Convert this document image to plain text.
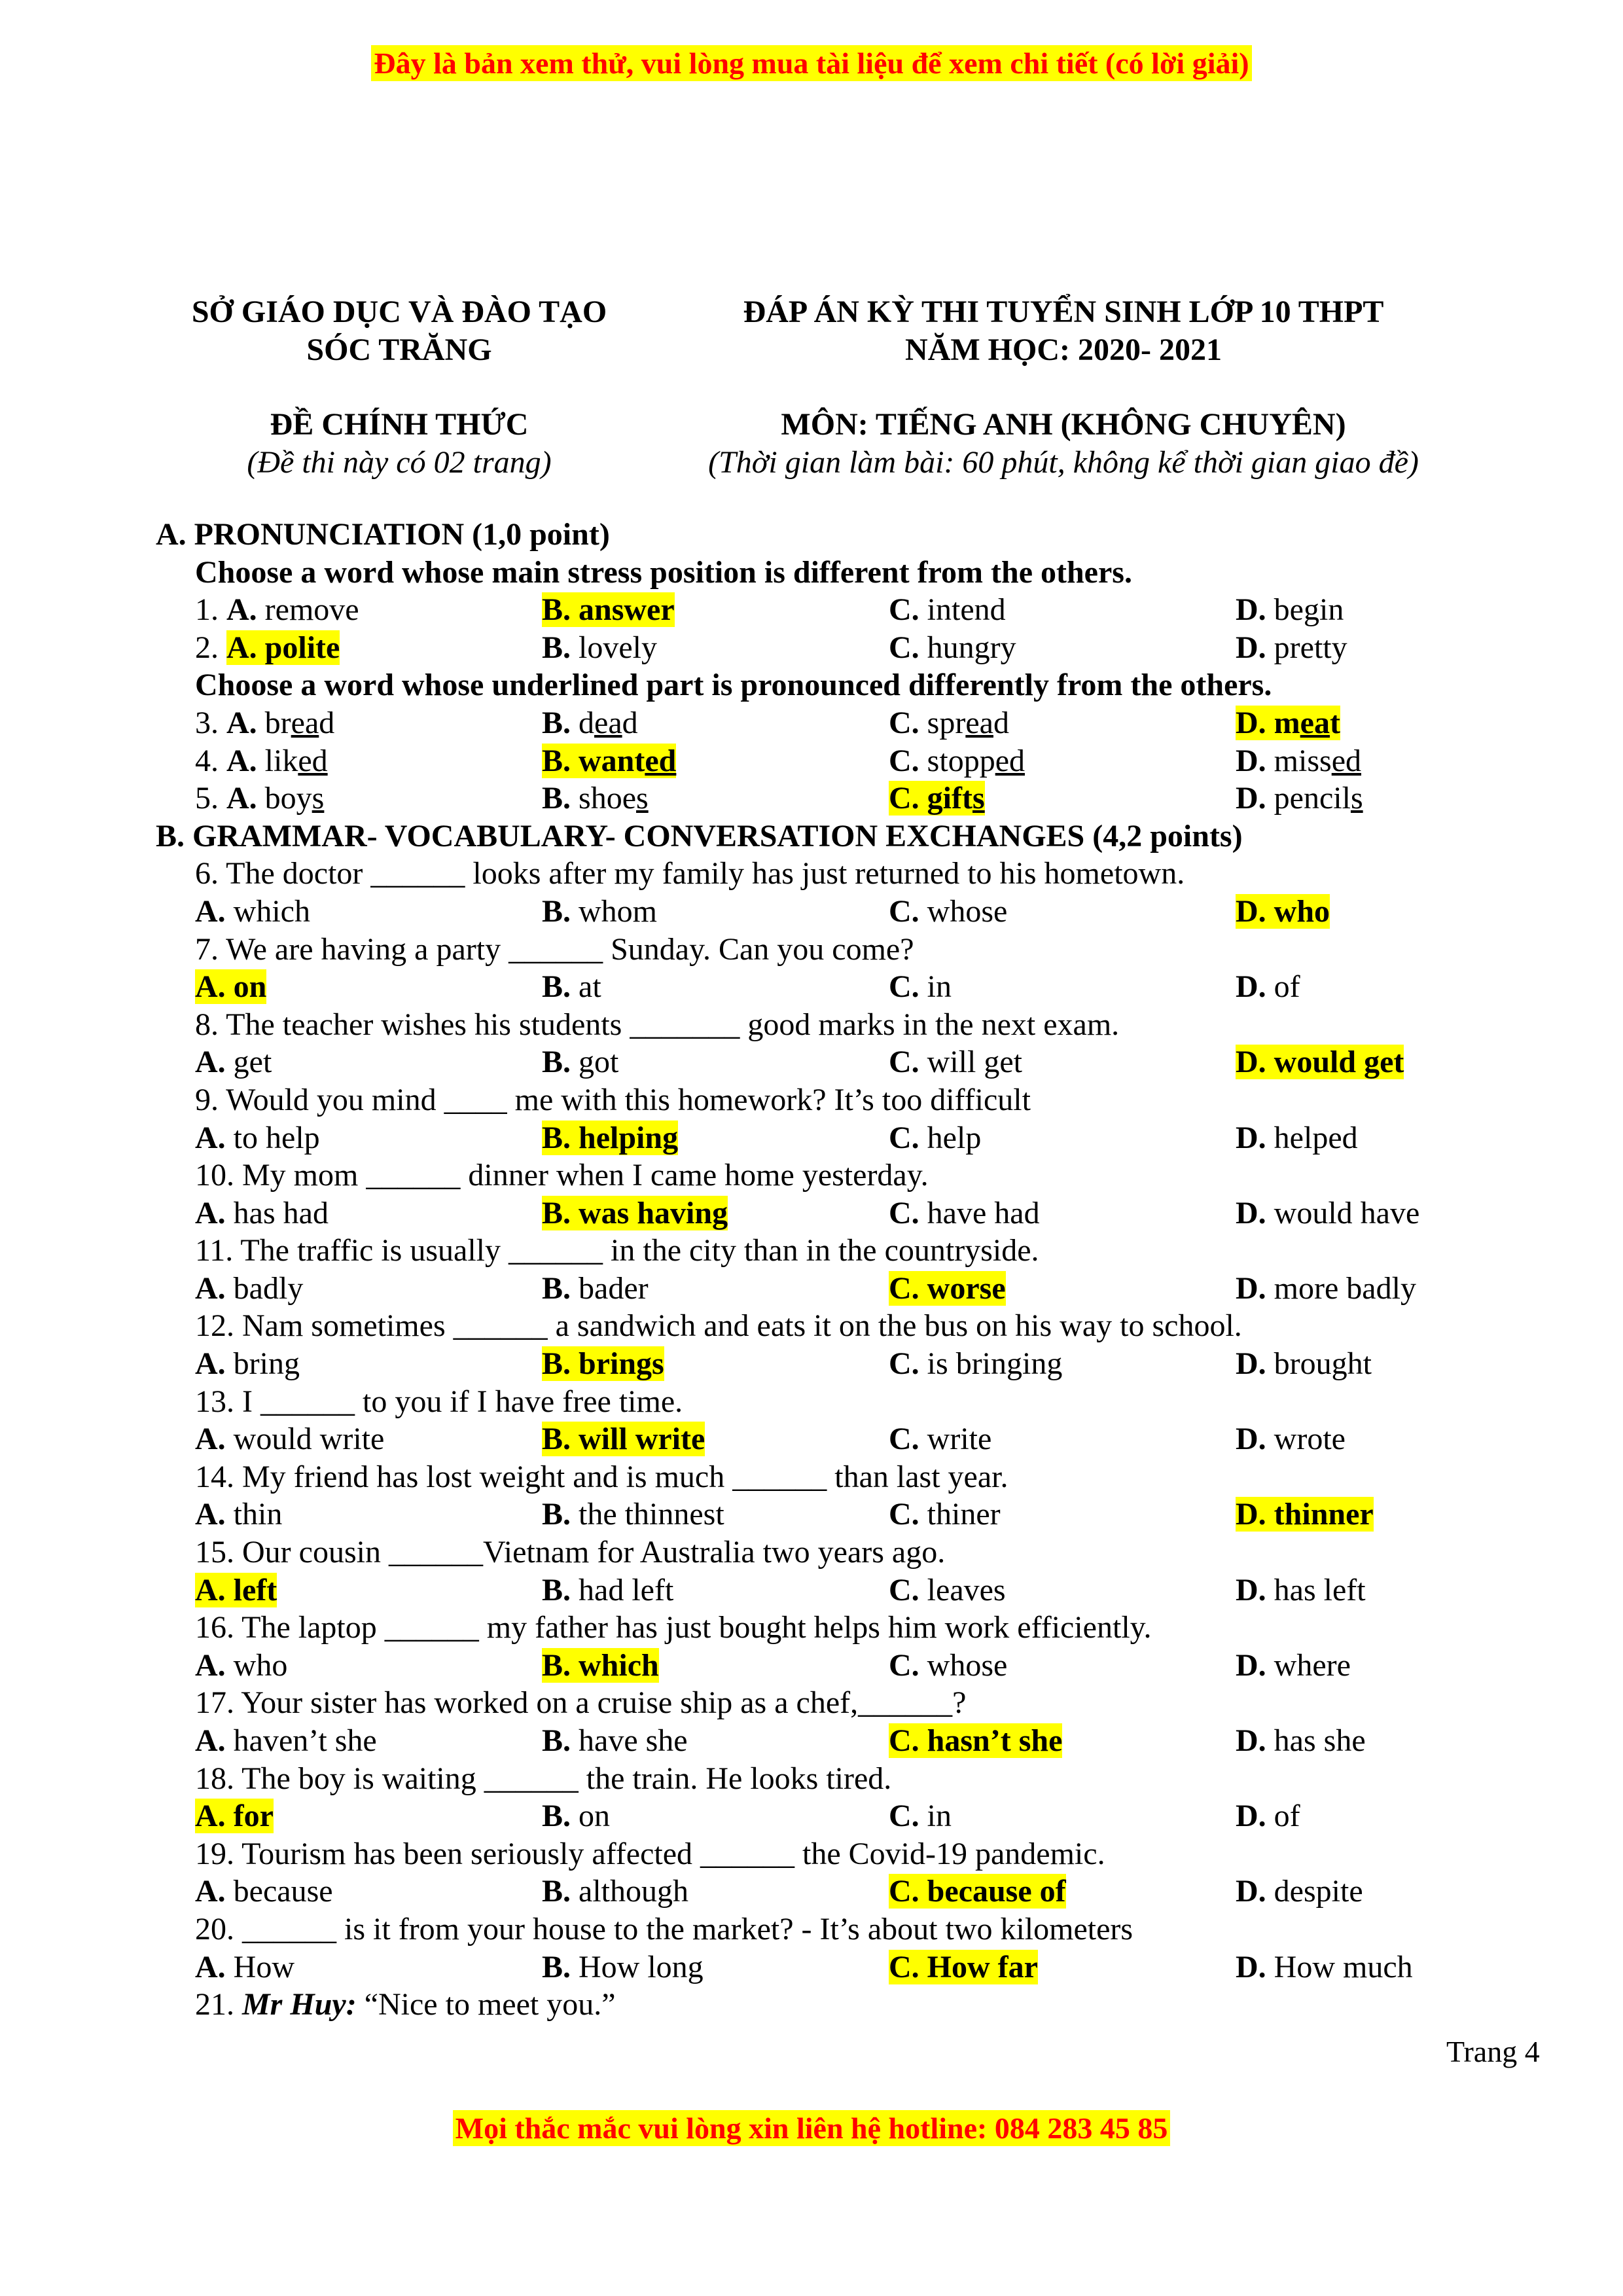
Đây là bản xem thử, vui lòng mua tài liệu để xem chi tiết (có lời giải)
SỞ GIÁO DỤC VÀ ĐÀO TẠO
SÓC TRĂNG
ĐÁP ÁN KỲ THI TUYỂN SINH LỚP 10 THPT
NĂM HỌC: 2020- 2021
ĐỀ CHÍNH THỨC
(Đề thi này có 02 trang)
MÔN: TIẾNG ANH (KHÔNG CHUYÊN)
(Thời gian làm bài: 60 phút, không kể thời gian giao đề)
A. PRONUNCIATION (1,0 point)
Choose a word whose main stress position is different from the others.
1. A. remove	B. answer	C. intend	D. begin
2. A. polite	B. lovely	C. hungry	D. pretty
Choose a word whose underlined part is pronounced differently from the others.
3. A. bread	B. dead	C. spread	D. meat
4. A. liked	B. wanted	C. stopped	D. missed
5. A. boys	B. shoes	C. gifts	D. pencils
B. GRAMMAR- VOCABULARY- CONVERSATION EXCHANGES (4,2 points)
6. The doctor ______ looks after my family has just returned to his hometown.
A. which	B. whom	C. whose	D. who
7. We are having a party ______ Sunday. Can you come?
A. on	B. at	C. in	D. of
8. The teacher wishes his students _______ good marks in the next exam.
A. get	B. got	C. will get	D. would get
9. Would you mind ____ me with this homework? It’s too difficult
A. to help	B. helping	C. help	D. helped
10. My mom ______ dinner when I came home yesterday.
A. has had	B. was having	C. have had	D. would have
11. The traffic is usually ______ in the city than in the countryside.
A. badly	B. bader	C. worse	D. more badly
12. Nam sometimes ______ a sandwich and eats it on the bus on his way to school.
A. bring	B. brings	C. is bringing	D. brought
13. I ______ to you if I have free time.
A. would write	B. will write	C. write	D. wrote
14. My friend has lost weight and is much ______ than last year.
A. thin	B. the thinnest	C. thiner	D. thinner
15. Our cousin ______Vietnam for Australia two years ago.
A. left	B. had left	C. leaves	D. has left
16. The laptop ______ my father has just bought helps him work efficiently.
A. who	B. which	C. whose	D. where
17. Your sister has worked on a cruise ship as a chef,______?
A. haven’t she	B. have she	C. hasn’t she	D. has she
18. The boy is waiting ______ the train. He looks tired.
A. for	B. on	C. in	D. of
19. Tourism has been seriously affected ______ the Covid-19 pandemic.
A. because	B. although	C. because of	D. despite
20. ______ is it from your house to the market? - It’s about two kilometers
A. How	B. How long	C. How far	D. How much
21. Mr Huy: “Nice to meet you.”
Trang 4
Mọi thắc mắc vui lòng xin liên hệ hotline: 084 283 45 85
